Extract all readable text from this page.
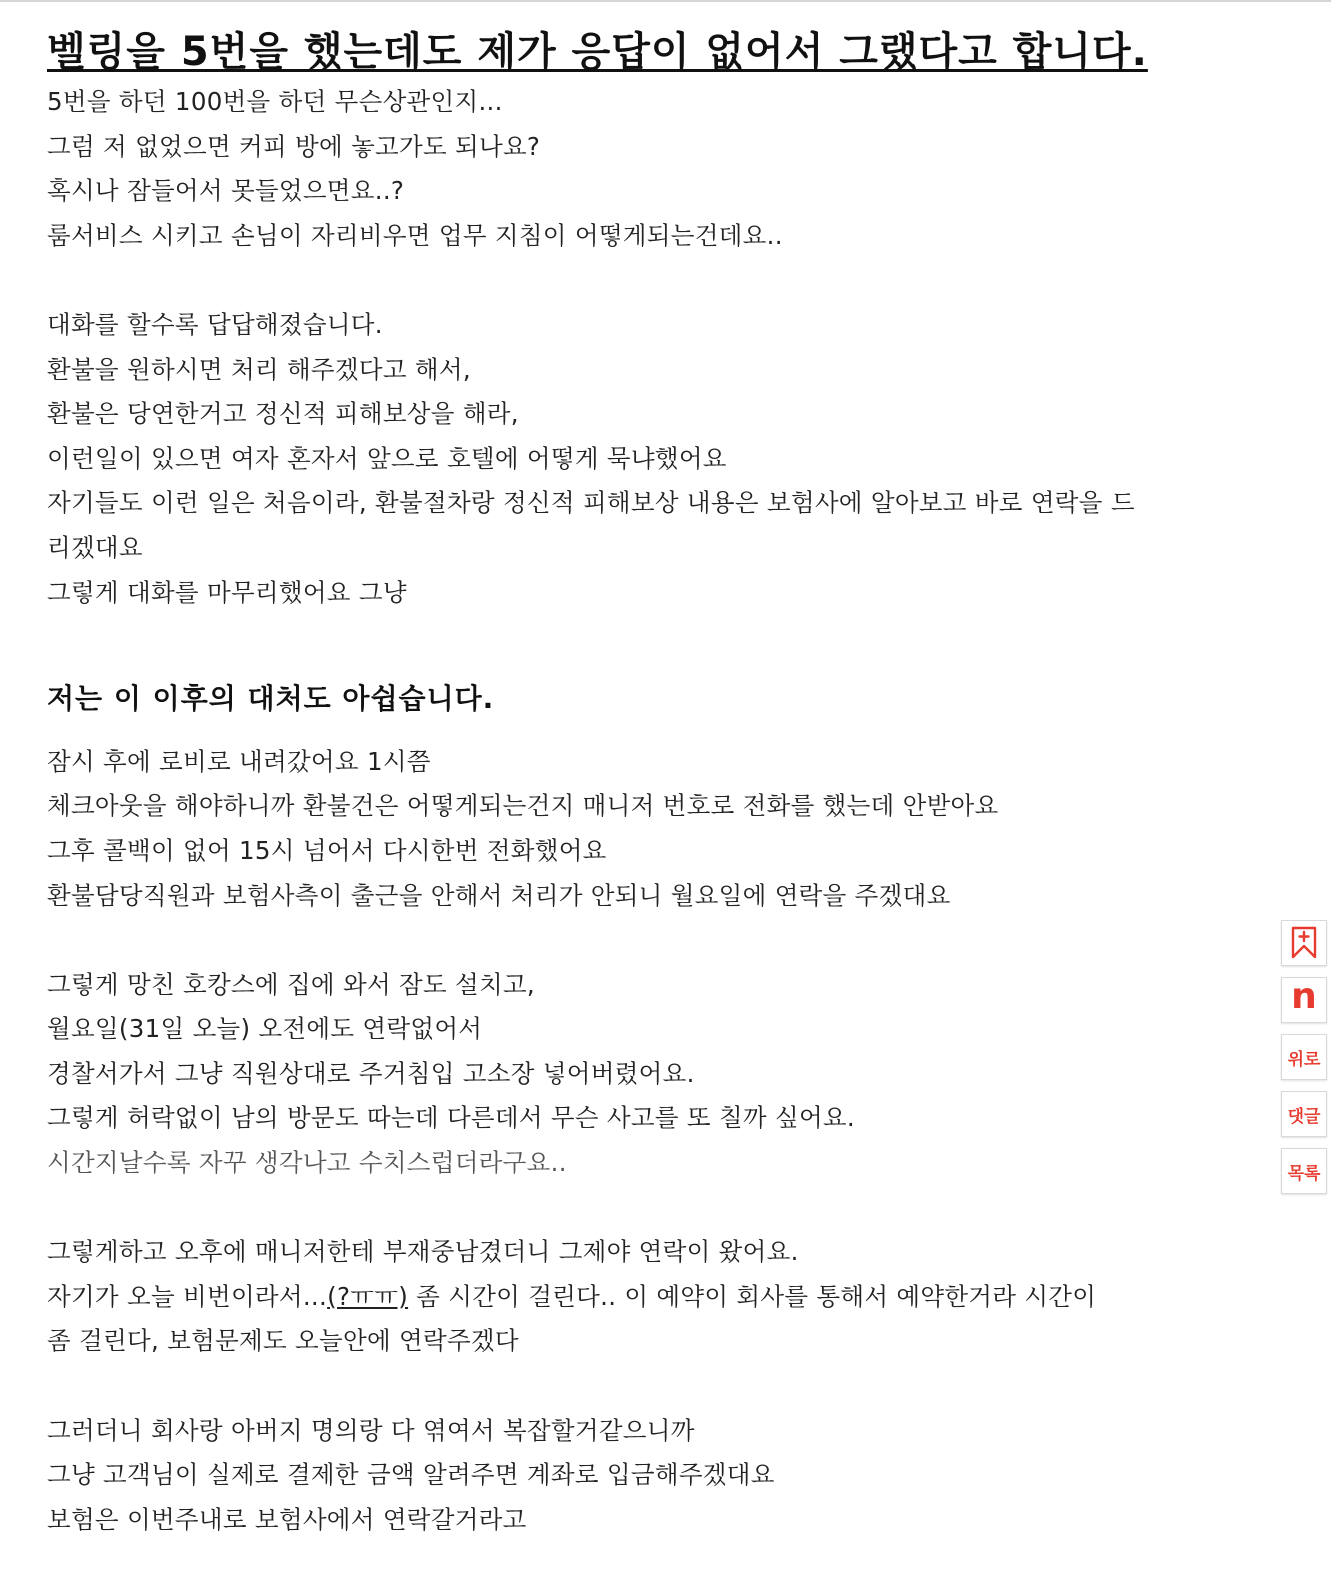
벨링을 5번을 했는데도 제가 응답이 없어서 그랬다고 합니다.
5번을 하던 100번을 하던 무슨상관인지...
그럼 저 없었으면 커피 방에 놓고가도 되나요?
혹시나 잠들어서 못들었으면요..?
룸서비스 시키고 손님이 자리비우면 업무 지침이 어떻게되는건데요..
대화를 할수록 답답해졌습니다.
환불을 원하시면 처리 해주겠다고 해서,
환불은 당연한거고 정신적 피해보상을 해라,
이런일이 있으면 여자 혼자서 앞으로 호텔에 어떻게 묵냐했어요
자기들도 이런 일은 처음이라, 환불절차랑 정신적 피해보상 내용은 보험사에 알아보고 바로 연락을 드
리겠대요
그렇게 대화를 마무리했어요 그냥
저는 이 이후의 대처도 아쉽습니다.
잠시 후에 로비로 내려갔어요 1시쯤
체크아웃을 해야하니까 환불건은 어떻게되는건지 매니저 번호로 전화를 했는데 안받아요
그후 콜백이 없어 15시 넘어서 다시한번 전화했어요
환불담당직원과 보험사측이 출근을 안해서 처리가 안되니 월요일에 연락을 주겠대요
그렇게 망친 호캉스에 집에 와서 잠도 설치고,
월요일(31일 오늘) 오전에도 연락없어서
경찰서가서 그냥 직원상대로 주거침입 고소장 넣어버렸어요.
그렇게 허락없이 남의 방문도 따는데 다른데서 무슨 사고를 또 칠까 싶어요.
시간지날수록 자꾸 생각나고 수치스럽더라구요..
그렇게하고 오후에 매니저한테 부재중남겼더니 그제야 연락이 왔어요.
자기가 오늘 비번이라서...(?ㅠㅠ) 좀 시간이 걸린다.. 이 예약이 회사를 통해서 예약한거라 시간이
좀 걸린다, 보험문제도 오늘안에 연락주겠다
그러더니 회사랑 아버지 명의랑 다 엮여서 복잡할거같으니까
그냥 고객님이 실제로 결제한 금액 알려주면 계좌로 입금해주겠대요
보험은 이번주내로 보험사에서 연락갈거라고
n
위로
댓글
목록
